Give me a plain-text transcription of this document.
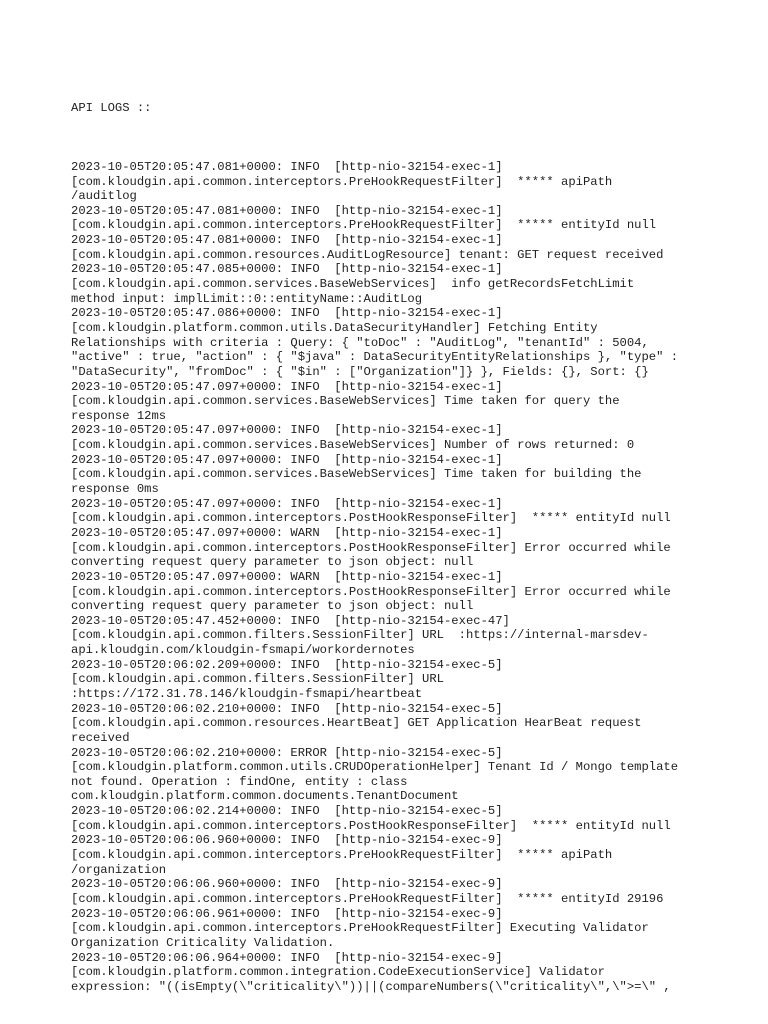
API LOGS ::

2023-10-05T20:05:47.081+0000: INFO  [http-nio-32154-exec-1]
[com.kloudgin.api.common.interceptors.PreHookRequestFilter]  ***** apiPath
/auditlog
2023-10-05T20:05:47.081+0000: INFO  [http-nio-32154-exec-1]
[com.kloudgin.api.common.interceptors.PreHookRequestFilter]  ***** entityId null
2023-10-05T20:05:47.081+0000: INFO  [http-nio-32154-exec-1]
[com.kloudgin.api.common.resources.AuditLogResource] tenant: GET request received
2023-10-05T20:05:47.085+0000: INFO  [http-nio-32154-exec-1]
[com.kloudgin.api.common.services.BaseWebServices]  info getRecordsFetchLimit
method input: implLimit::0::entityName::AuditLog
2023-10-05T20:05:47.086+0000: INFO  [http-nio-32154-exec-1]
[com.kloudgin.platform.common.utils.DataSecurityHandler] Fetching Entity
Relationships with criteria : Query: { "toDoc" : "AuditLog", "tenantId" : 5004,
"active" : true, "action" : { "$java" : DataSecurityEntityRelationships }, "type" :
"DataSecurity", "fromDoc" : { "$in" : ["Organization"]} }, Fields: {}, Sort: {}
2023-10-05T20:05:47.097+0000: INFO  [http-nio-32154-exec-1]
[com.kloudgin.api.common.services.BaseWebServices] Time taken for query the
response 12ms
2023-10-05T20:05:47.097+0000: INFO  [http-nio-32154-exec-1]
[com.kloudgin.api.common.services.BaseWebServices] Number of rows returned: 0
2023-10-05T20:05:47.097+0000: INFO  [http-nio-32154-exec-1]
[com.kloudgin.api.common.services.BaseWebServices] Time taken for building the
response 0ms
2023-10-05T20:05:47.097+0000: INFO  [http-nio-32154-exec-1]
[com.kloudgin.api.common.interceptors.PostHookResponseFilter]  ***** entityId null
2023-10-05T20:05:47.097+0000: WARN  [http-nio-32154-exec-1]
[com.kloudgin.api.common.interceptors.PostHookResponseFilter] Error occurred while
converting request query parameter to json object: null
2023-10-05T20:05:47.097+0000: WARN  [http-nio-32154-exec-1]
[com.kloudgin.api.common.interceptors.PostHookResponseFilter] Error occurred while
converting request query parameter to json object: null
2023-10-05T20:05:47.452+0000: INFO  [http-nio-32154-exec-47]
[com.kloudgin.api.common.filters.SessionFilter] URL  :https://internal-marsdev-
api.kloudgin.com/kloudgin-fsmapi/workordernotes
2023-10-05T20:06:02.209+0000: INFO  [http-nio-32154-exec-5]
[com.kloudgin.api.common.filters.SessionFilter] URL
:https://172.31.78.146/kloudgin-fsmapi/heartbeat
2023-10-05T20:06:02.210+0000: INFO  [http-nio-32154-exec-5]
[com.kloudgin.api.common.resources.HeartBeat] GET Application HearBeat request
received
2023-10-05T20:06:02.210+0000: ERROR [http-nio-32154-exec-5]
[com.kloudgin.platform.common.utils.CRUDOperationHelper] Tenant Id / Mongo template
not found. Operation : findOne, entity : class
com.kloudgin.platform.common.documents.TenantDocument
2023-10-05T20:06:02.214+0000: INFO  [http-nio-32154-exec-5]
[com.kloudgin.api.common.interceptors.PostHookResponseFilter]  ***** entityId null
2023-10-05T20:06:06.960+0000: INFO  [http-nio-32154-exec-9]
[com.kloudgin.api.common.interceptors.PreHookRequestFilter]  ***** apiPath
/organization
2023-10-05T20:06:06.960+0000: INFO  [http-nio-32154-exec-9]
[com.kloudgin.api.common.interceptors.PreHookRequestFilter]  ***** entityId 29196
2023-10-05T20:06:06.961+0000: INFO  [http-nio-32154-exec-9]
[com.kloudgin.api.common.interceptors.PreHookRequestFilter] Executing Validator
Organization Criticality Validation.
2023-10-05T20:06:06.964+0000: INFO  [http-nio-32154-exec-9]
[com.kloudgin.platform.common.integration.CodeExecutionService] Validator
expression: "((isEmpty(\"criticality\"))||(compareNumbers(\"criticality\",\">=\" ,
